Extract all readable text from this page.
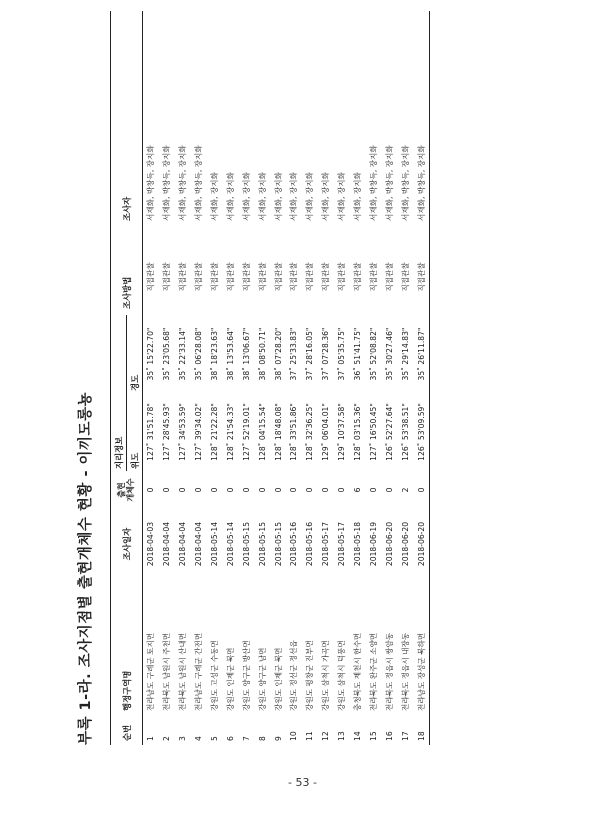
부록 1-라. 조사지점별 출현개체수 현황 - 이끼도롱뇽	순번	행정구역명	조사일자	출현 개체수	지리정보		조사방법	조사자
				위도	경도		
1	전라남도 구례군 토지면	2018-04-03	0	127˚ 31'51.78"	35˚ 15'22.70"	직접관찰	서재화, 박창득, 장지화
2	전라북도 남원시 주천면	2018-04-04	0	127˚ 28'45.93"	35˚ 23'05.68"	직접관찰	서재화, 박창득, 장지화
3	전라북도 남원시 산내면	2018-04-04	0	127˚ 34'53.59"	35˚ 22'33.14"	직접관찰	서재화, 박창득, 장지화
4	전라남도 구례군 간전면	2018-04-04	0	127˚ 39'34.02"	35˚ 06'28.08"	직접관찰	서재화, 박창득, 장지화
5	강원도 고성군 수동면	2018-05-14	0	128˚ 21'22.28"	38˚ 18'23.63"	직접관찰	서재화, 장지화
6	강원도 인제군 북면	2018-05-14	0	128˚ 21'54.33"	38˚ 13'53.64"	직접관찰	서재화, 장지화
7	강원도 양구군 방산면	2018-05-15	0	127˚ 52'19.01"	38˚ 13'06.67"	직접관찰	서재화, 장지화
8	강원도 양구군 남면	2018-05-15	0	128˚ 04'15.54"	38˚ 08'50.71"	직접관찰	서재화, 장지화
9	강원도 인제군 북면	2018-05-15	0	128˚ 18'48.08"	38˚ 07'28.20"	직접관찰	서재화, 장지화
10	강원도 정선군 정선읍	2018-05-16	0	128˚ 33'51.86"	37˚ 25'33.83"	직접관찰	서재화, 장지화
11	강원도 평창군 진부면	2018-05-16	0	128˚ 32'36.25"	37˚ 28'16.05"	직접관찰	서재화, 장지화
12	강원도 삼척시 가곡면	2018-05-17	0	129˚ 06'04.01"	37˚ 07'28.36"	직접관찰	서재화, 장지화
13	강원도 삼척시 덕풍면	2018-05-17	0	129˚ 10'37.58"	37˚ 05'35.75"	직접관찰	서재화, 장지화
14	충청북도 제천시 한수면	2018-05-18	6	128˚ 03'15.36"	36˚ 51'41.75"	직접관찰	서재화, 장지화
15	전라북도 완주군 소양면	2018-06-19	0	127˚ 16'50.45"	35˚ 52'08.82"	직접관찰	서재화, 박창득, 장지화
16	전라북도 정읍시 쌍암동	2018-06-20	0	126˚ 52'27.64"	35˚ 30'27.46"	직접관찰	서재화, 박창득, 장지화
17	전라북도 정읍시 내장동	2018-06-20	2	126˚ 53'38.51"	35˚ 29'14.83"	직접관찰	서재화, 박창득, 장지화
18	전라남도 장성군 북하면	2018-06-20	0	126˚ 53'09.59"	35˚ 26'11.87"	직접관찰	서재화, 박창득, 장지화
- 53 -
